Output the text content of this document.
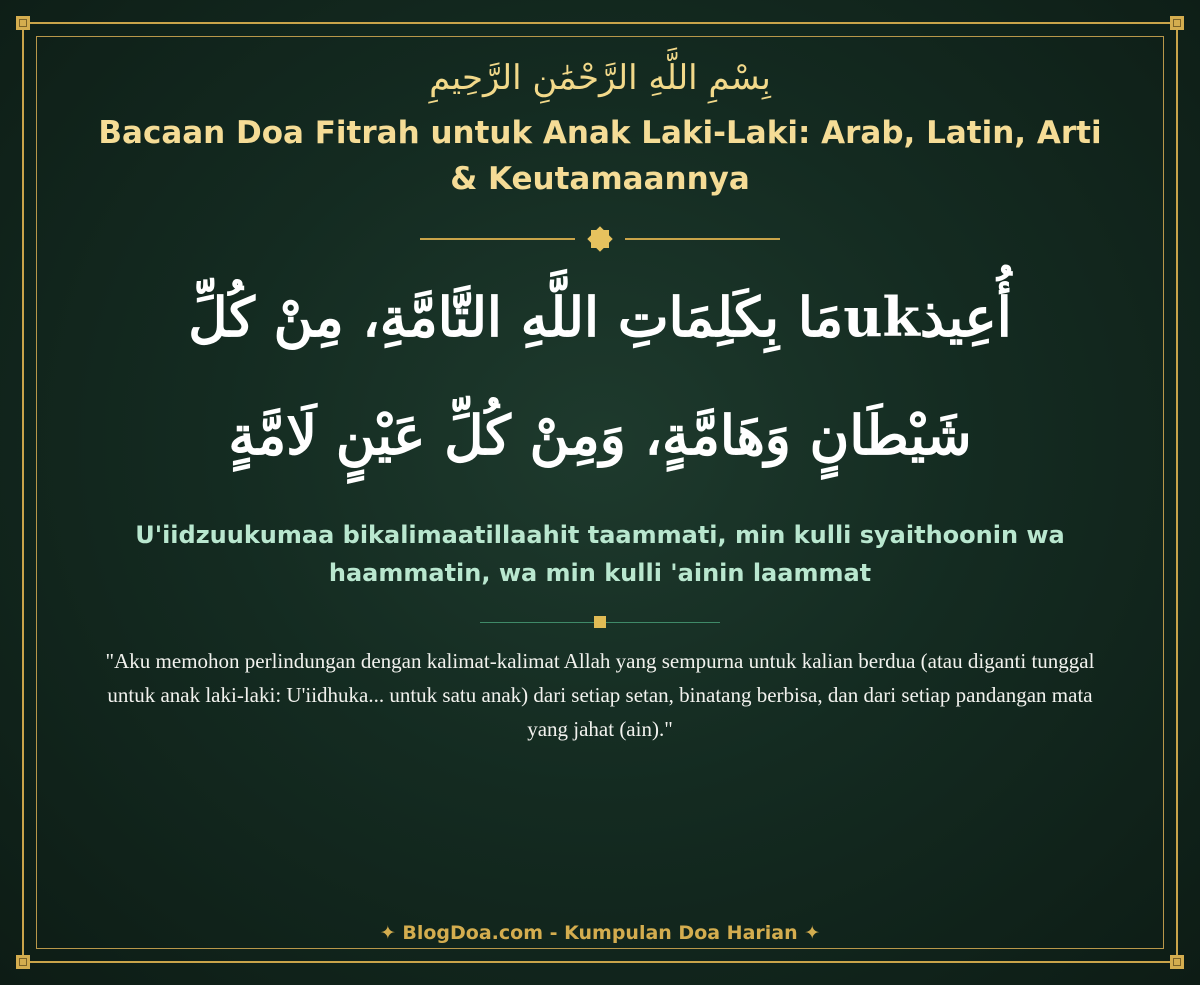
بِسْمِ اللَّهِ الرَّحْمَٰنِ الرَّحِيمِ
Bacaan Doa Fitrah untuk Anak Laki-Laki: Arab, Latin, Arti & Keutamaannya
أُعِيذukمَا بِكَلِمَاتِ اللَّهِ التَّامَّةِ، مِنْ كُلِّ شَيْطَانٍ وَهَامَّةٍ، وَمِنْ كُلِّ عَيْنٍ لَامَّةٍ
U'iidzuukumaa bikalimaatillaahit taammati, min kulli syaithoonin wa haammatin, wa min kulli 'ainin laammat
"Aku memohon perlindungan dengan kalimat-kalimat Allah yang sempurna untuk kalian berdua (atau diganti tunggal untuk anak laki-laki: U'iidhuka... untuk satu anak) dari setiap setan, binatang berbisa, dan dari setiap pandangan mata yang jahat (ain)."
✦ BlogDoa.com - Kumpulan Doa Harian ✦
